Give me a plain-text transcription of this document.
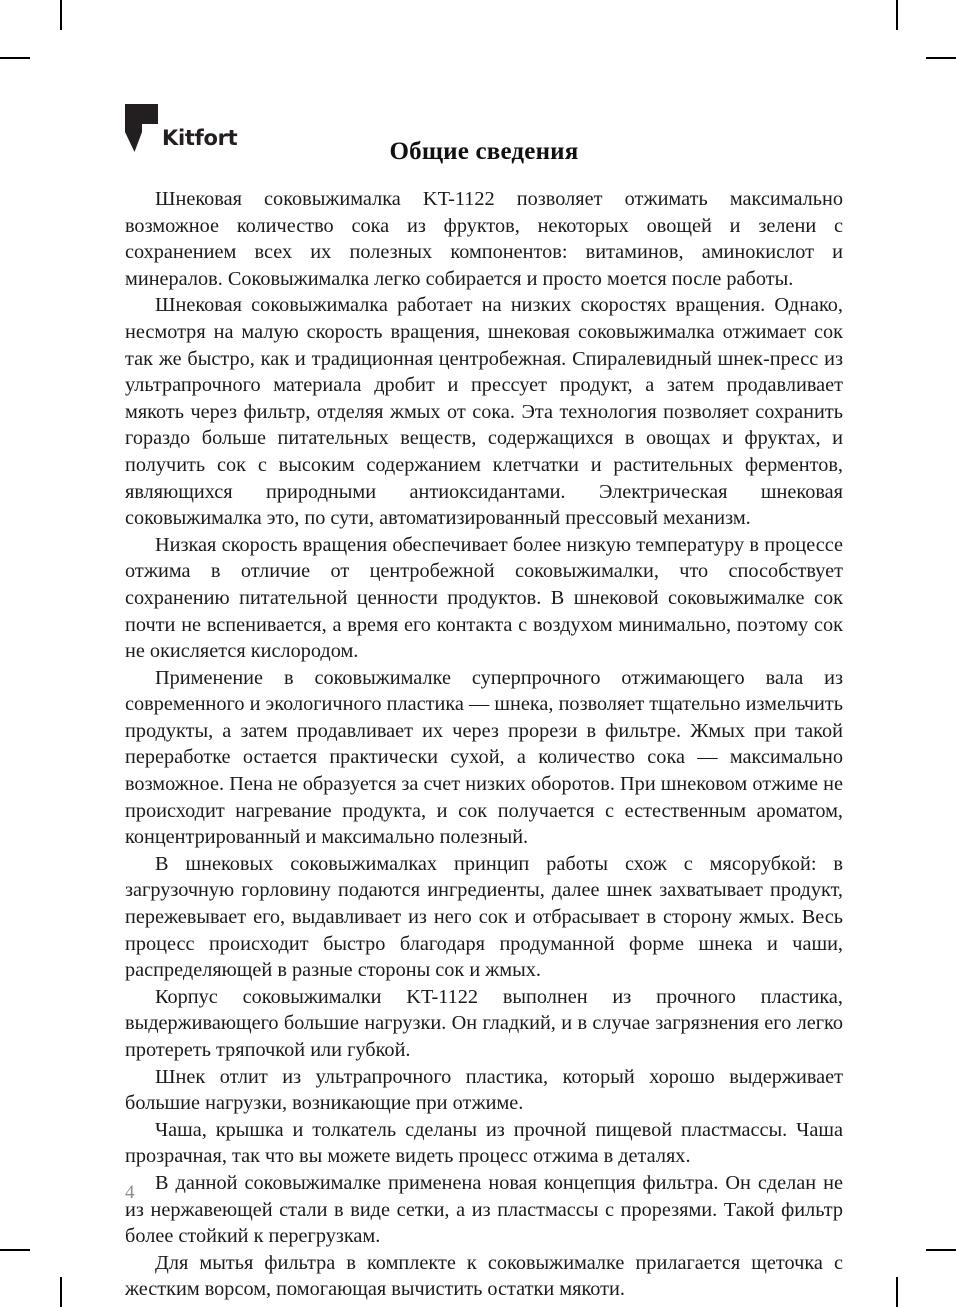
Kitfort	Общие сведения

Шнековая соковыжималка KT-1122 позволяет отжимать максимально возможное количество сока из фруктов, некоторых овощей и зелени с сохранением всех их полезных компонентов: витаминов, аминокислот и минералов. Соковыжималка легко собирается и просто моется после работы.

Шнековая соковыжималка работает на низких скоростях вращения. Однако, несмотря на малую скорость вращения, шнековая соковыжималка отжимает сок так же быстро, как и традиционная центробежная. Спиралевидный шнек-пресс из ультрапрочного материала дробит и прессует продукт, а затем продавливает мякоть через фильтр, отделяя жмых от сока. Эта технология позволяет сохранить гораздо больше питательных веществ, содержащихся в овощах и фруктах, и получить сок с высоким содержанием клетчатки и растительных ферментов, являющихся природными антиоксидантами. Электрическая шнековая соковыжималка это, по сути, автоматизированный прессовый механизм.

Низкая скорость вращения обеспечивает более низкую температуру в процессе отжима в отличие от центробежной соковыжималки, что способствует сохранению питательной ценности продуктов. В шнековой соковыжималке сок почти не вспенивается, а время его контакта с воздухом минимально, поэтому сок не окисляется кислородом.

Применение в соковыжималке суперпрочного отжимающего вала из современного и экологичного пластика — шнека, позволяет тщательно измельчить продукты, а затем продавливает их через прорези в фильтре. Жмых при такой переработке остается практически сухой, а количество сока — максимально возможное. Пена не образуется за счет низких оборотов. При шнековом отжиме не происходит нагревание продукта, и сок получается с естественным ароматом, концентрированный и максимально полезный.

В шнековых соковыжималках принцип работы схож с мясорубкой: в загрузочную горловину подаются ингредиенты, далее шнек захватывает продукт, пережевывает его, выдавливает из него сок и отбрасывает в сторону жмых. Весь процесс происходит быстро благодаря продуманной форме шнека и чаши, распределяющей в разные стороны сок и жмых.

Корпус соковыжималки KT-1122 выполнен из прочного пластика, выдерживающего большие нагрузки. Он гладкий, и в случае загрязнения его легко протереть тряпочкой или губкой.

Шнек отлит из ультрапрочного пластика, который хорошо выдерживает большие нагрузки, возникающие при отжиме.

Чаша, крышка и толкатель сделаны из прочной пищевой пластмассы. Чаша прозрачная, так что вы можете видеть процесс отжима в деталях.

В данной соковыжималке применена новая концепция фильтра. Он сделан не из нержавеющей стали в виде сетки, а из пластмассы с прорезями. Такой фильтр более стойкий к перегрузкам.

Для мытья фильтра в комплекте к соковыжималке прилагается щеточка с жестким ворсом, помогающая вычистить остатки мякоти.

4
